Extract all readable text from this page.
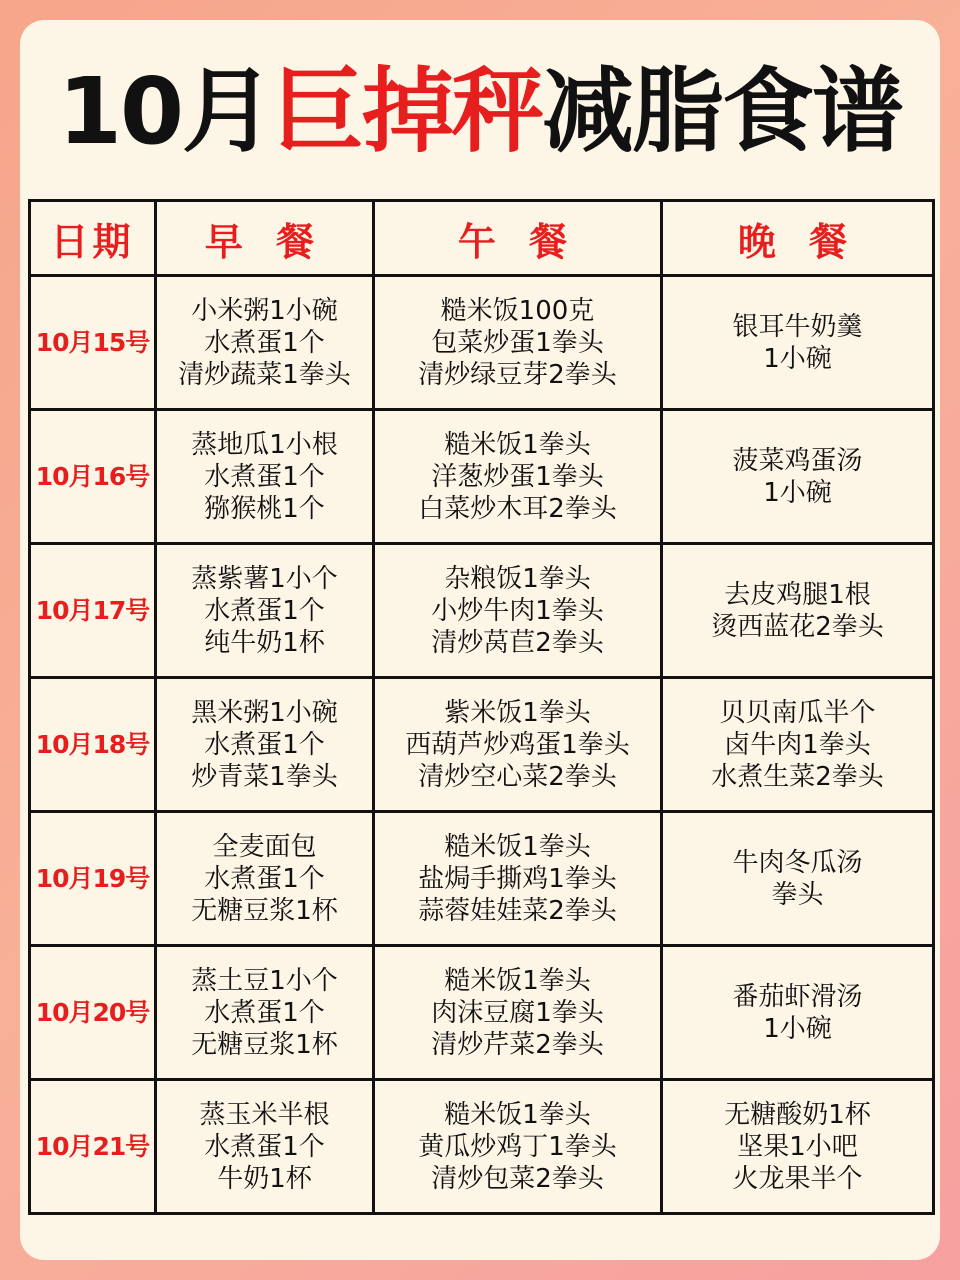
10月巨掉秤减脂食谱
日期	早 餐	午 餐	晚 餐
10月15号	小米粥1小碗
水煮蛋1个
清炒蔬菜1拳头	糙米饭100克
包菜炒蛋1拳头
清炒绿豆芽2拳头	银耳牛奶羹
1小碗

10月16号	蒸地瓜1小根
水煮蛋1个
猕猴桃1个	糙米饭1拳头
洋葱炒蛋1拳头
白菜炒木耳2拳头	菠菜鸡蛋汤
1小碗

10月17号	蒸紫薯1小个
水煮蛋1个
纯牛奶1杯	杂粮饭1拳头
小炒牛肉1拳头
清炒莴苣2拳头	去皮鸡腿1根
烫西蓝花2拳头

10月18号	黑米粥1小碗
水煮蛋1个
炒青菜1拳头	紫米饭1拳头
西葫芦炒鸡蛋1拳头
清炒空心菜2拳头	贝贝南瓜半个
卤牛肉1拳头
水煮生菜2拳头

10月19号	全麦面包
水煮蛋1个
无糖豆浆1杯	糙米饭1拳头
盐焗手撕鸡1拳头
蒜蓉娃娃菜2拳头	牛肉冬瓜汤
拳头

10月20号	蒸土豆1小个
水煮蛋1个
无糖豆浆1杯	糙米饭1拳头
肉沫豆腐1拳头
清炒芹菜2拳头	番茄虾滑汤
1小碗

10月21号	蒸玉米半根
水煮蛋1个
牛奶1杯	糙米饭1拳头
黄瓜炒鸡丁1拳头
清炒包菜2拳头	无糖酸奶1杯
坚果1小吧
火龙果半个
